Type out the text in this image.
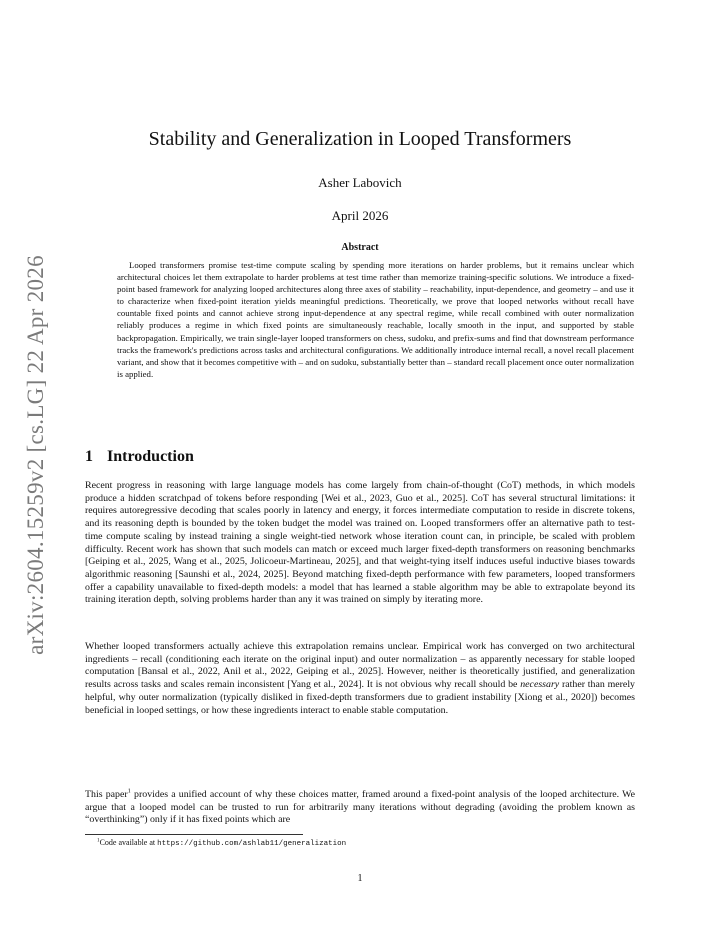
arXiv:2604.15259v2 [cs.LG] 22 Apr 2026
Stability and Generalization in Looped Transformers
Asher Labovich
April 2026
Abstract

Looped transformers promise test-time compute scaling by spending more iterations on harder problems, but it remains unclear which architectural choices let them extrapolate to harder problems at test time rather than memorize training-specific solutions. We introduce a fixed-point based framework for analyzing looped architectures along three axes of stability – reachability, input-dependence, and geometry – and use it to characterize when fixed-point iteration yields meaningful predictions. Theoretically, we prove that looped networks without recall have countable fixed points and cannot achieve strong input-dependence at any spectral regime, while recall combined with outer normalization reliably produces a regime in which fixed points are simultaneously reachable, locally smooth in the input, and supported by stable backpropagation. Empirically, we train single-layer looped transformers on chess, sudoku, and prefix-sums and find that downstream performance tracks the framework's predictions across tasks and architectural configurations. We additionally introduce internal recall, a novel recall placement variant, and show that it becomes competitive with – and on sudoku, substantially better than – standard recall placement once outer normalization is applied.

1 Introduction

Recent progress in reasoning with large language models has come largely from chain-of-thought (CoT) methods, in which models produce a hidden scratchpad of tokens before responding [Wei et al., 2023, Guo et al., 2025]. CoT has several structural limitations: it requires autoregressive decoding that scales poorly in latency and energy, it forces intermediate computation to reside in discrete tokens, and its reasoning depth is bounded by the token budget the model was trained on. Looped transformers offer an alternative path to test-time compute scaling by instead training a single weight-tied network whose iteration count can, in principle, be scaled with problem difficulty. Recent work has shown that such models can match or exceed much larger fixed-depth transformers on reasoning benchmarks [Geiping et al., 2025, Wang et al., 2025, Jolicoeur-Martineau, 2025], and that weight-tying itself induces useful inductive biases towards algorithmic reasoning [Saunshi et al., 2024, 2025]. Beyond matching fixed-depth performance with few parameters, looped transformers offer a capability unavailable to fixed-depth models: a model that has learned a stable algorithm may be able to extrapolate beyond its training iteration depth, solving problems harder than any it was trained on simply by iterating more.

Whether looped transformers actually achieve this extrapolation remains unclear. Empirical work has converged on two architectural ingredients – recall (conditioning each iterate on the original input) and outer normalization – as apparently necessary for stable looped computation [Bansal et al., 2022, Anil et al., 2022, Geiping et al., 2025]. However, neither is theoretically justified, and generalization results across tasks and scales remain inconsistent [Yang et al., 2024]. It is not obvious why recall should be necessary rather than merely helpful, why outer normalization (typically disliked in fixed-depth transformers due to gradient instability [Xiong et al., 2020]) becomes beneficial in looped settings, or how these ingredients interact to enable stable computation.

This paper$^1$ provides a unified account of why these choices matter, framed around a fixed-point analysis of the looped architecture. We argue that a looped model can be trusted to run for arbitrarily many iterations without degrading (avoiding the problem known as “overthinking”) only if it has fixed points which are

$^1$Code available at https://github.com/ashlab11/generalization
1
